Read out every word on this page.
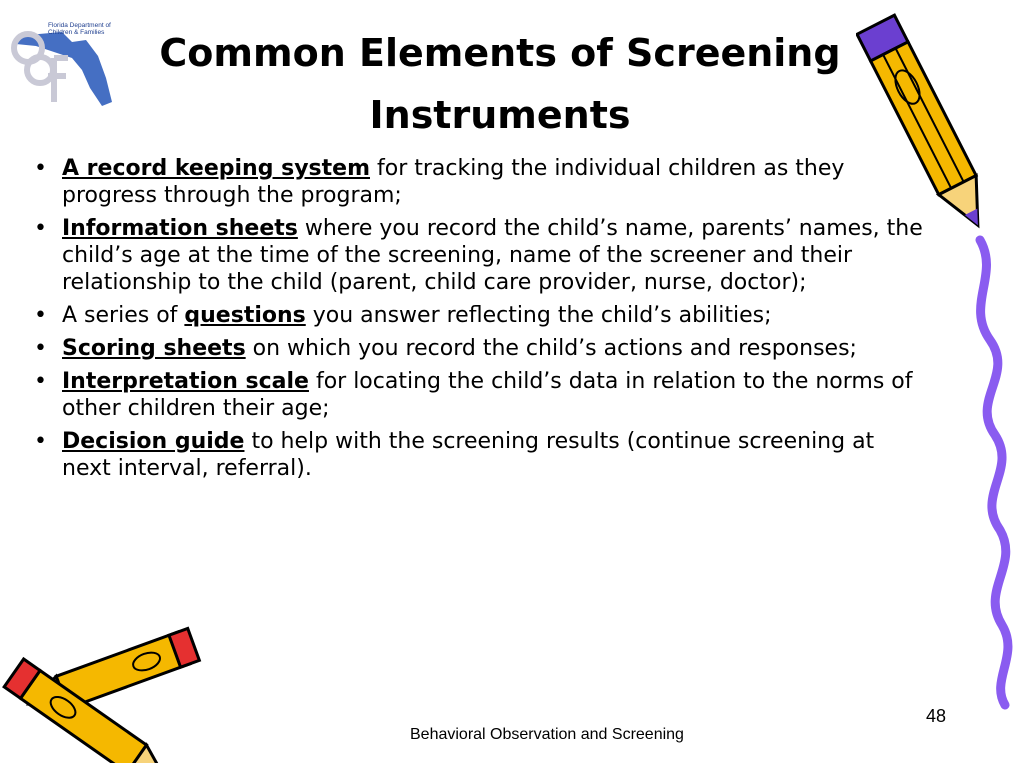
Florida Department of Children & Families	Common Elements of Screening Instruments
• A record keeping system for tracking the individual children as they progress through the program;
• Information sheets where you record the child’s name, parents’ names, the child’s age at the time of the screening, name of the screener and their relationship to the child (parent, child care provider, nurse, doctor);
• A series of questions you answer reflecting the child’s abilities;
• Scoring sheets on which you record the child’s actions and responses;
• Interpretation scale for locating the child’s data in relation to the norms of other children their age;
• Decision guide to help with the screening results (continue screening at next interval, referral).
Behavioral Observation and Screening
48
